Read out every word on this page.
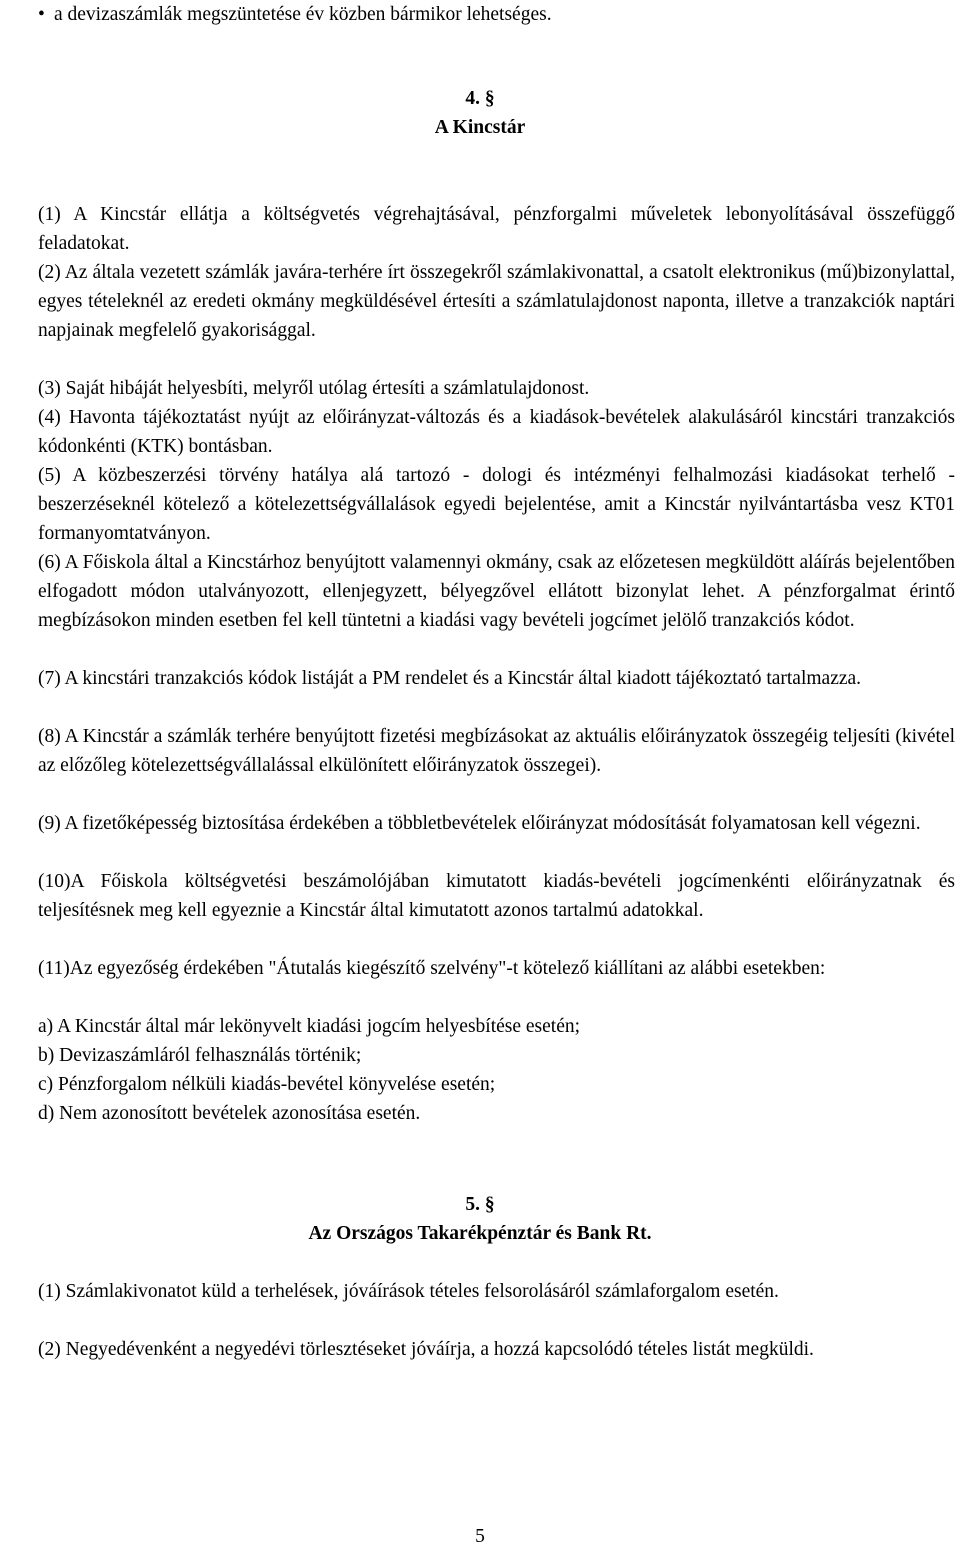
• a devizaszámlák megszüntetése év közben bármikor lehetséges.
4. §
A Kincstár
(1) A Kincstár ellátja a költségvetés végrehajtásával, pénzforgalmi műveletek lebonyolításával összefüggő feladatokat.
(2) Az általa vezetett számlák javára-terhére írt összegekről számlakivonattal, a csatolt elektronikus (mű)bizonylattal, egyes tételeknél az eredeti okmány megküldésével értesíti a számlatulajdonost naponta, illetve a tranzakciók naptári napjainak megfelelő gyakorisággal.
(3) Saját hibáját helyesbíti, melyről utólag értesíti a számlatulajdonost.
(4) Havonta tájékoztatást nyújt az előirányzat-változás és a kiadások-bevételek alakulásáról kincstári tranzakciós kódonkénti (KTK) bontásban.
(5) A közbeszerzési törvény hatálya alá tartozó - dologi és intézményi felhalmozási kiadásokat terhelő - beszerzéseknél kötelező a kötelezettségvállalások egyedi bejelentése, amit a Kincstár nyilvántartásba vesz KT01 formanyomtatványon.
(6) A Főiskola által a Kincstárhoz benyújtott valamennyi okmány, csak az előzetesen megküldött aláírás bejelentőben elfogadott módon utalványozott, ellenjegyzett, bélyegzővel ellátott bizonylat lehet. A pénzforgalmat érintő megbízásokon minden esetben fel kell tüntetni a kiadási vagy bevételi jogcímet jelölő tranzakciós kódot.
(7) A kincstári tranzakciós kódok listáját a PM rendelet és a Kincstár által kiadott tájékoztató tartalmazza.
(8) A Kincstár a számlák terhére benyújtott fizetési megbízásokat az aktuális előirányzatok összegéig teljesíti (kivétel az előzőleg kötelezettségvállalással elkülönített előirányzatok összegei).
(9) A fizetőképesség biztosítása érdekében a többletbevételek előirányzat módosítását folyamatosan kell végezni.
(10)A Főiskola költségvetési beszámolójában kimutatott kiadás-bevételi jogcímenkénti előirányzatnak és teljesítésnek meg kell egyeznie a Kincstár által kimutatott azonos tartalmú adatokkal.
(11)Az egyezőség érdekében "Átutalás kiegészítő szelvény"-t kötelező kiállítani az alábbi esetekben:
a) A Kincstár által már lekönyvelt kiadási jogcím helyesbítése esetén;
b) Devizaszámláról felhasználás történik;
c) Pénzforgalom nélküli kiadás-bevétel könyvelése esetén;
d) Nem azonosított bevételek azonosítása esetén.
5. §
Az Országos Takarékpénztár és Bank Rt.
(1) Számlakivonatot küld a terhelések, jóváírások tételes felsorolásáról számlaforgalom esetén.
(2) Negyedévenként a negyedévi törlesztéseket jóváírja, a hozzá kapcsolódó tételes listát megküldi.
5
